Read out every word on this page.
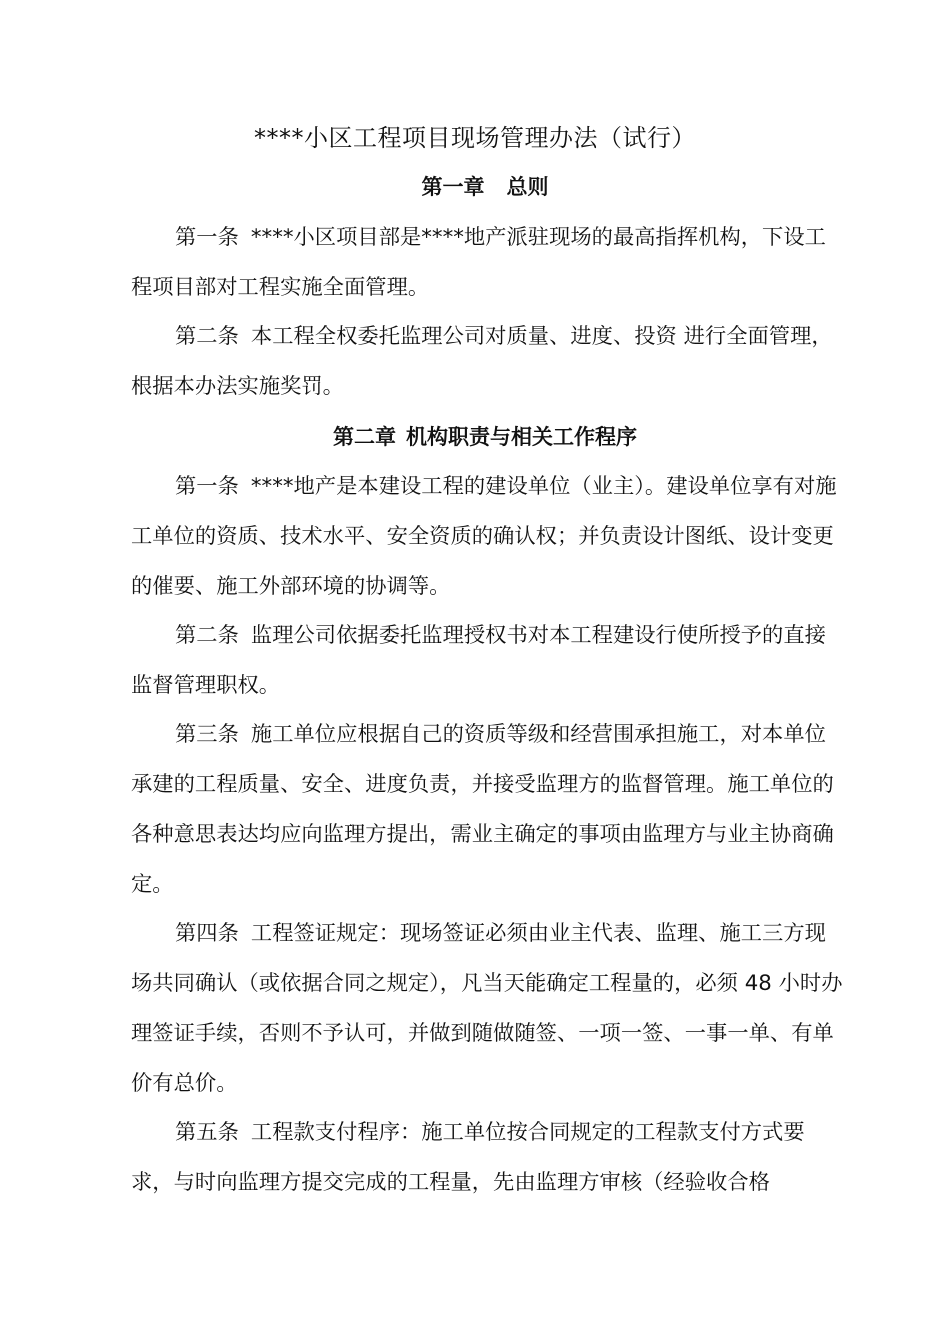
****小区工程项目现场管理办法（试行）
第一章 总则
第一条 ****小区项目部是****地产派驻现场的最高指挥机构，下设工程项目部对工程实施全面管理。
第二条 本工程全权委托监理公司对质量、进度、投资 进行全面管理，根据本办法实施奖罚。
第二章 机构职责与相关工作程序
第一条 ****地产是本建设工程的建设单位（业主）。建设单位享有对施工单位的资质、技术水平、安全资质的确认权；并负责设计图纸、设计变更的催要、施工外部环境的协调等。
第二条 监理公司依据委托监理授权书对本工程建设行使所授予的直接监督管理职权。
第三条 施工单位应根据自己的资质等级和经营围承担施工，对本单位承建的工程质量、安全、进度负责，并接受监理方的监督管理。施工单位的各种意思表达均应向监理方提出，需业主确定的事项由监理方与业主协商确定。
第四条 工程签证规定：现场签证必须由业主代表、监理、施工三方现场共同确认（或依据合同之规定），凡当天能确定工程量的，必须 48 小时办理签证手续，否则不予认可，并做到随做随签、一项一签、一事一单、有单价有总价。
第五条 工程款支付程序：施工单位按合同规定的工程款支付方式要求，与时向监理方提交完成的工程量，先由监理方审核（经验收合格
